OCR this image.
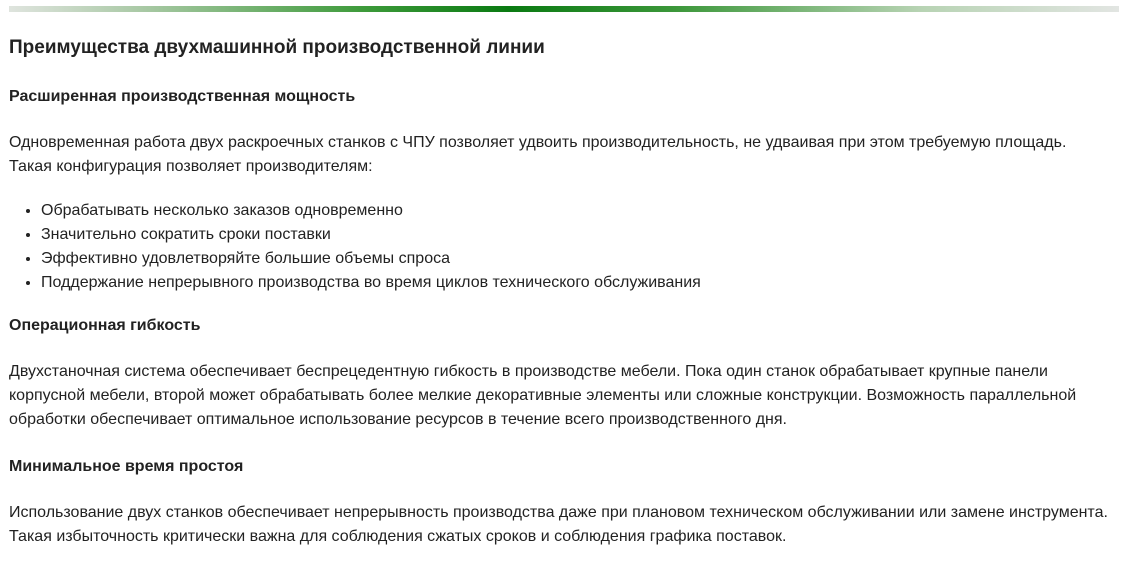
Преимущества двухмашинной производственной линии
Расширенная производственная мощность

Одновременная работа двух раскроечных станков с ЧПУ позволяет удвоить производительность, не удваивая при этом требуемую площадь. Такая конфигурация позволяет производителям:

• Обрабатывать несколько заказов одновременно
• Значительно сократить сроки поставки
• Эффективно удовлетворяйте большие объемы спроса
• Поддержание непрерывного производства во время циклов технического обслуживания
Операционная гибкость

Двухстаночная система обеспечивает беспрецедентную гибкость в производстве мебели. Пока один станок обрабатывает крупные панели корпусной мебели, второй может обрабатывать более мелкие декоративные элементы или сложные конструкции. Возможность параллельной обработки обеспечивает оптимальное использование ресурсов в течение всего производственного дня.

Минимальное время простоя

Использование двух станков обеспечивает непрерывность производства даже при плановом техническом обслуживании или замене инструмента. Такая избыточность критически важна для соблюдения сжатых сроков и соблюдения графика поставок.
